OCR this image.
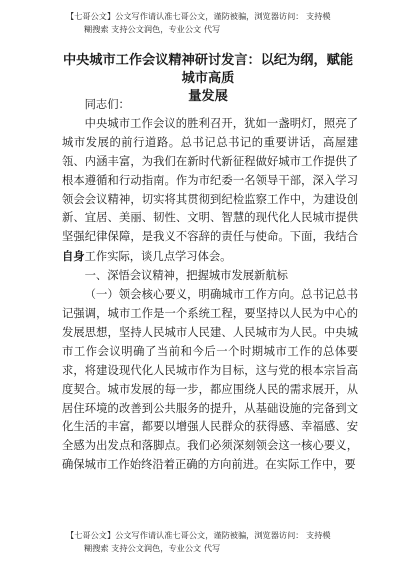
【七哥公文】公文写作请认准七哥公文，谨防被骗，浏览器访问： 支持模
糊搜索 支持公文润色，专业公文 代写
中央城市工作会议精神研讨发言：以纪为纲，赋能城市高质
量发展

同志们：

中央城市工作会议的胜利召开，犹如一盏明灯，照亮了城市发展的前行道路。总书记总书记的重要讲话，高屋建瓴、内涵丰富，为我们在新时代新征程做好城市工作提供了根本遵循和行动指南。作为市纪委一名领导干部，深入学习领会会议精神，切实将其贯彻到纪检监察工作中，为建设创新、宜居、美丽、韧性、文明、智慧的现代化人民城市提供坚强纪律保障，是我义不容辞的责任与使命。下面，我结合自身工作实际，谈几点学习体会。

一、深悟会议精神，把握城市发展新航标

（一）领会核心要义，明确城市工作方向。总书记总书记强调，城市工作是一个系统工程，要坚持以人民为中心的发展思想，坚持人民城市人民建、人民城市为人民。中央城市工作会议明确了当前和今后一个时期城市工作的总体要求，将建设现代化人民城市作为目标，这与党的根本宗旨高度契合。城市发展的每一步，都应围绕人民的需求展开，从居住环境的改善到公共服务的提升，从基础设施的完备到文化生活的丰富，都要以增强人民群众的获得感、幸福感、安全感为出发点和落脚点。我们必须深刻领会这一核心要义，确保城市工作始终沿着正确的方向前进。在实际工作中，要

【七哥公文】公文写作请认准七哥公文，谨防被骗，浏览器访问： 支持模
糊搜索 支持公文润色，专业公文 代写
